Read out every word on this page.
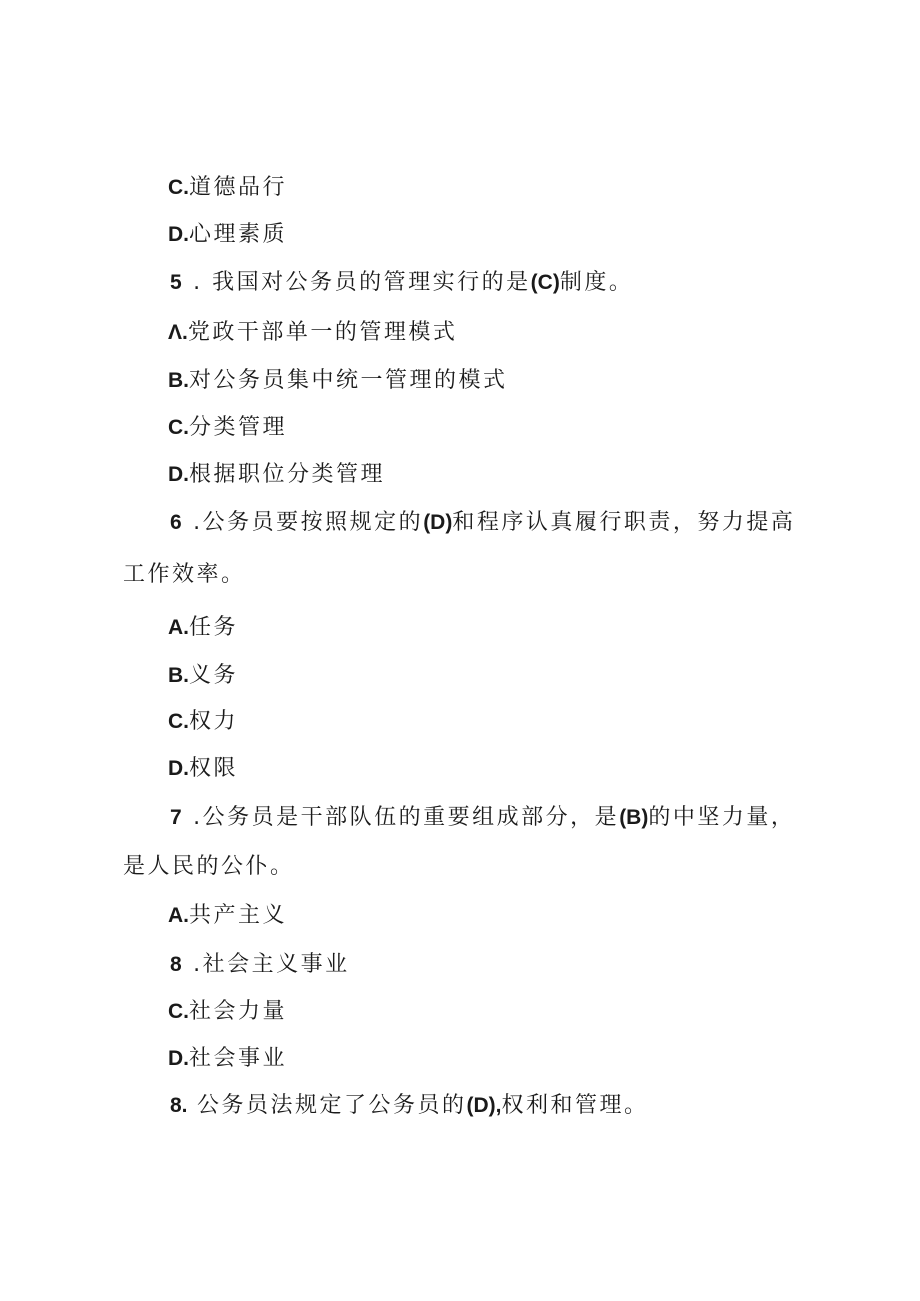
C.道德品行
D.心理素质
5 . 我国对公务员的管理实行的是(C)制度。
Λ.党政干部单一的管理模式
B.对公务员集中统一管理的模式
C.分类管理
D.根据职位分类管理
6 .公务员要按照规定的(D)和程序认真履行职责，努力提高
工作效率。
A.任务
B.义务
C.权力
D.权限
7 .公务员是干部队伍的重要组成部分，是(B)的中坚力量，
是人民的公仆。
A.共产主义
8 .社会主义事业
C.社会力量
D.社会事业
8. 公务员法规定了公务员的(D),权利和管理。
